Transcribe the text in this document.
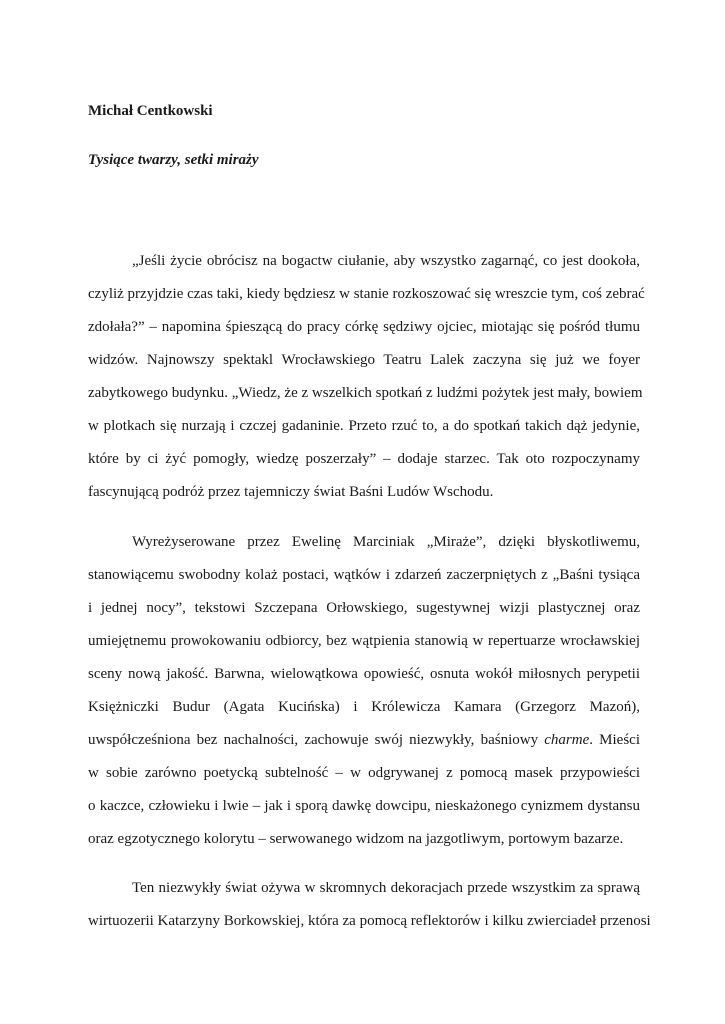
Michał Centkowski

Tysiące twarzy, setki miraży

„Jeśli życie obrócisz na bogactw ciułanie, aby wszystko zagarnąć, co jest dookoła,
czyliż przyjdzie czas taki, kiedy będziesz w stanie rozkoszować się wreszcie tym, coś zebrać
zdołała?” – napomina śpieszącą do pracy córkę sędziwy ojciec, miotając się pośród tłumu
widzów. Najnowszy spektakl Wrocławskiego Teatru Lalek zaczyna się już we foyer
zabytkowego budynku. „Wiedz, że z wszelkich spotkań z ludźmi pożytek jest mały, bowiem
w plotkach się nurzają i czczej gadaninie. Przeto rzuć to, a do spotkań takich dąż jedynie,
które by ci żyć pomogły, wiedzę poszerzały” – dodaje starzec. Tak oto rozpoczynamy
fascynującą podróż przez tajemniczy świat Baśni Ludów Wschodu.
Wyreżyserowane przez Ewelinę Marciniak „Miraże”, dzięki błyskotliwemu,
stanowiącemu swobodny kolaż postaci, wątków i zdarzeń zaczerpniętych z „Baśni tysiąca
i jednej nocy”, tekstowi Szczepana Orłowskiego, sugestywnej wizji plastycznej oraz
umiejętnemu prowokowaniu odbiorcy, bez wątpienia stanowią w repertuarze wrocławskiej
sceny nową jakość. Barwna, wielowątkowa opowieść, osnuta wokół miłosnych perypetii
Księżniczki Budur (Agata Kucińska) i Królewicza Kamara (Grzegorz Mazoń),
uwspółcześniona bez nachalności, zachowuje swój niezwykły, baśniowy charme. Mieści
w sobie zarówno poetycką subtelność – w odgrywanej z pomocą masek przypowieści
o kaczce, człowieku i lwie – jak i sporą dawkę dowcipu, nieskażonego cynizmem dystansu
oraz egzotycznego kolorytu – serwowanego widzom na jazgotliwym, portowym bazarze.
Ten niezwykły świat ożywa w skromnych dekoracjach przede wszystkim za sprawą
wirtuozerii Katarzyny Borkowskiej, która za pomocą reflektorów i kilku zwierciadeł przenosi
